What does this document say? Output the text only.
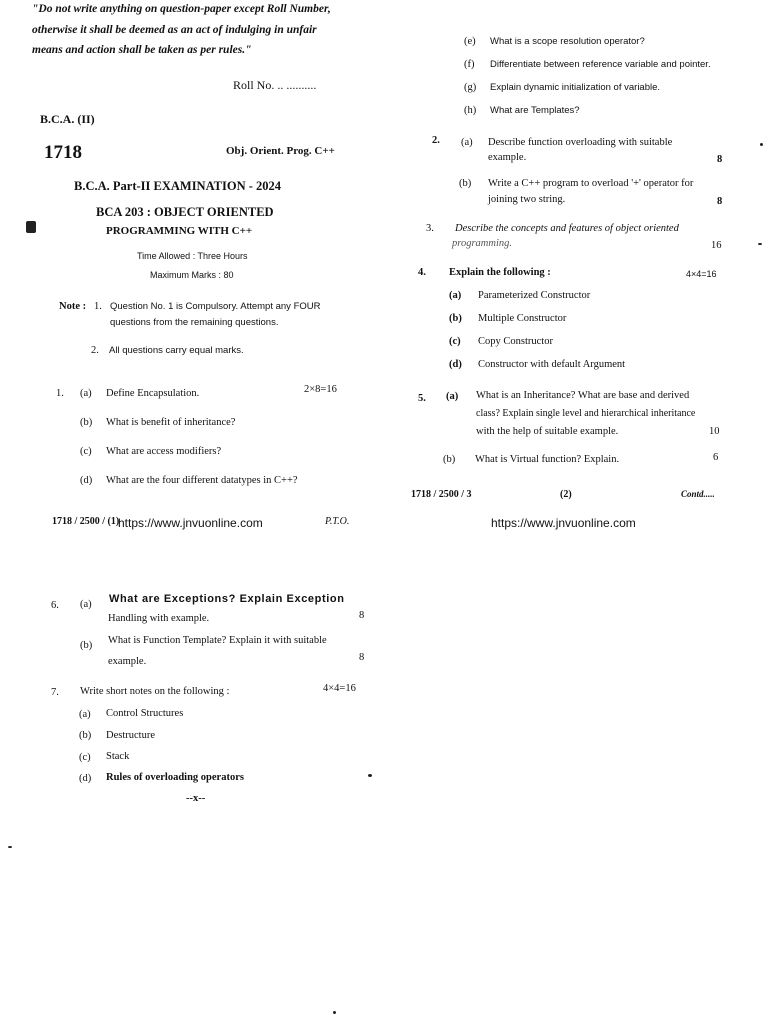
"Do not write anything on question-paper except Roll Number,
otherwise it shall be deemed as an act of indulging in unfair
means and action shall be taken as per rules."
Roll No. .. ..........
B.C.A. (II)
1718	Obj. Orient. Prog. C++
B.C.A. Part-II EXAMINATION - 2024
BCA 203 : OBJECT ORIENTED
PROGRAMMING WITH C++
Time Allowed : Three Hours
Maximum Marks : 80
Note : 1. Question No. 1 is Compulsory. Attempt any FOUR
questions from the remaining questions.
2. All questions carry equal marks.
1.	2×8=16
(a) Define Encapsulation.
(b) What is benefit of inheritance?
(c) What are access modifiers?
(d) What are the four different datatypes in C++?
1718 / 2500 / (1)
https://www.jnvuonline.com	P.T.O.
(e) What is a scope resolution operator?
(f) Differentiate between reference variable and pointer.
(g) Explain dynamic initialization of variable.
(h) What are Templates?
2. (a) Describe function overloading with suitable
example.	8
(b) Write a C++ program to overload '+' operator for
joining two string.	8
3. Describe the concepts and features of object oriented
programming.	16
4. Explain the following :	4×4=16
(a) Parameterized Constructor
(b) Multiple Constructor
(c) Copy Constructor
(d) Constructor with default Argument
5. (a) What is an Inheritance? What are base and derived
class? Explain single level and hierarchical inheritance
with the help of suitable example.	10
(b) What is Virtual function? Explain.	6
1718 / 2500 / 3	(2)	Contd.....
https://www.jnvuonline.com
6. (a) What are Exceptions? Explain Exception
Handling with example.	8
(b) What is Function Template? Explain it with suitable
example.	8
7. Write short notes on the following :	4×4=16
(a) Control Structures
(b) Destructure
(c) Stack
(d) Rules of overloading operators
--x--
